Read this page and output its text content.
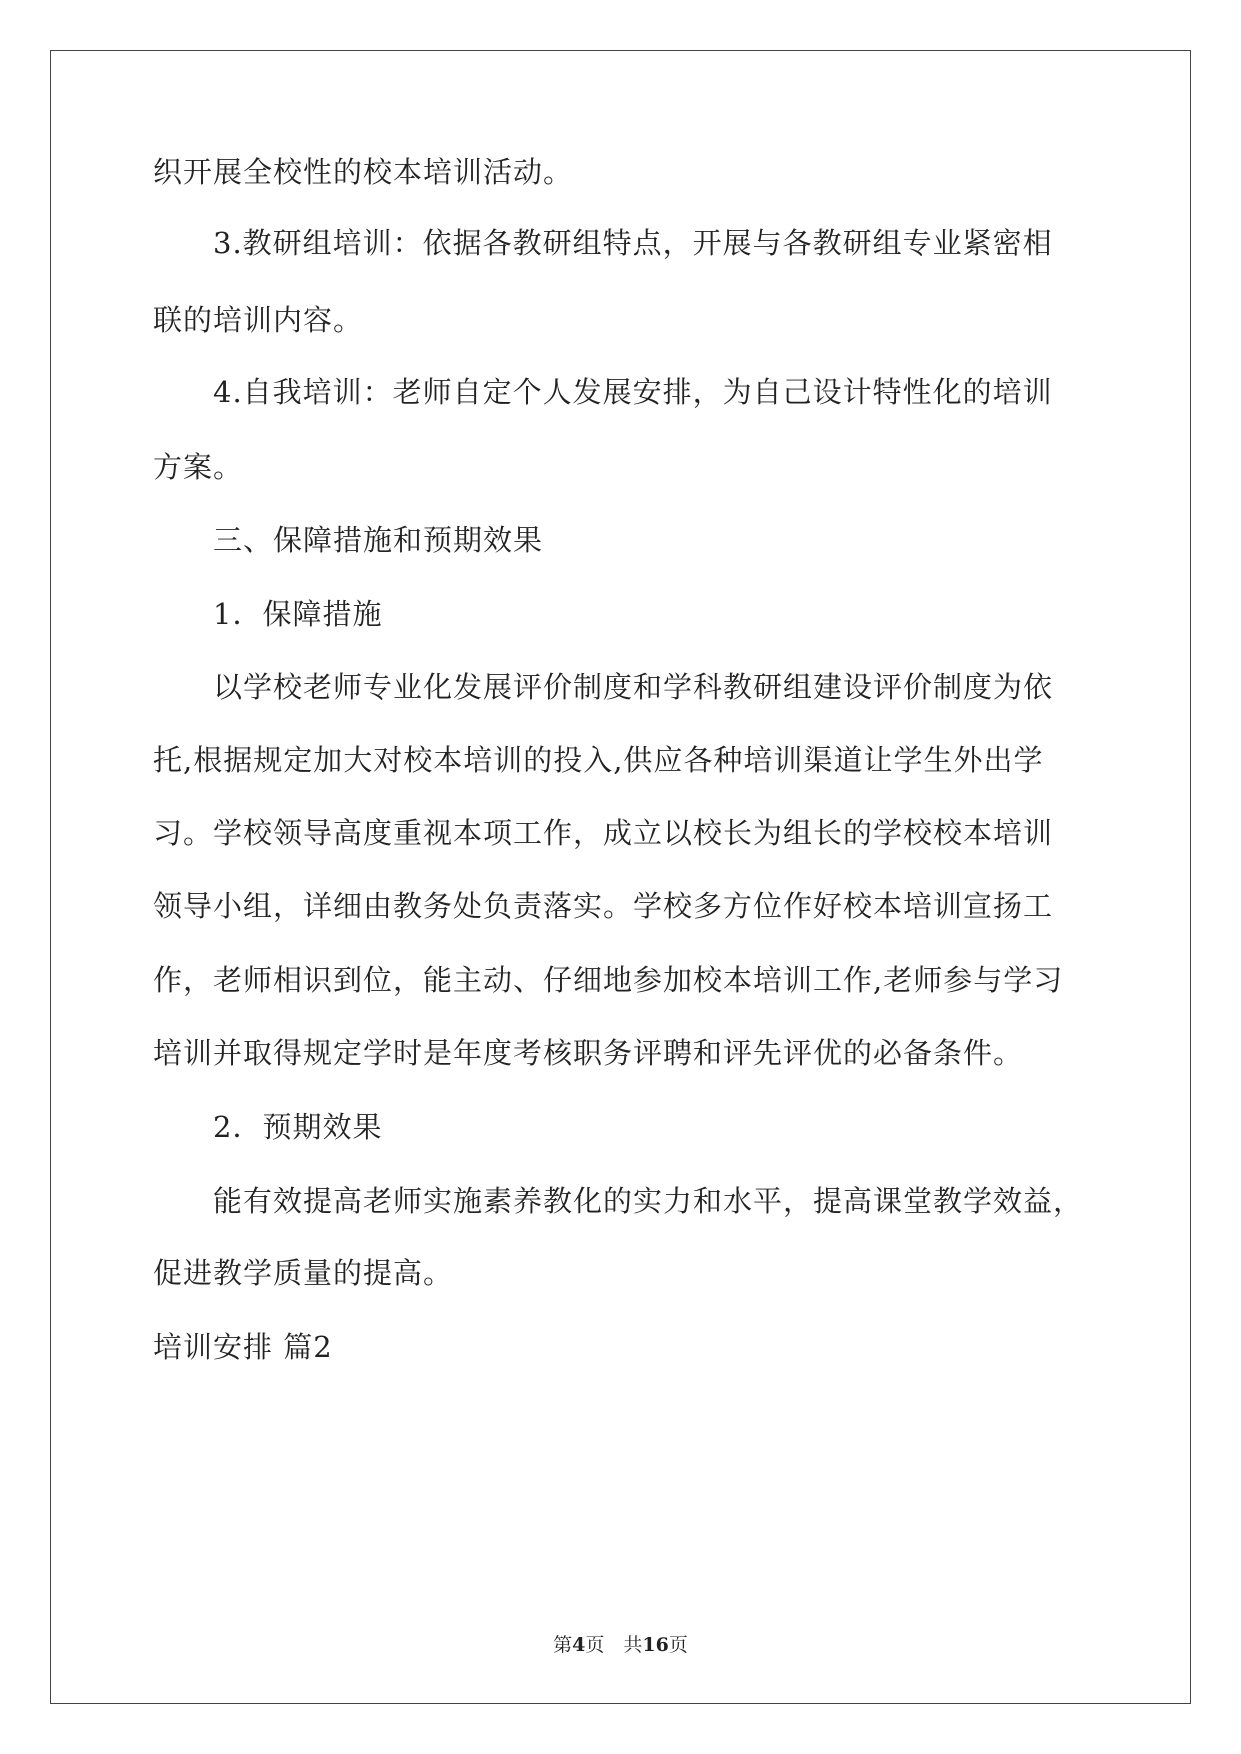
织开展全校性的校本培训活动。
3.教研组培训：依据各教研组特点，开展与各教研组专业紧密相
联的培训内容。
4.自我培训：老师自定个人发展安排，为自己设计特性化的培训
方案。
三、保障措施和预期效果
1．保障措施
以学校老师专业化发展评价制度和学科教研组建设评价制度为依
托,根据规定加大对校本培训的投入,供应各种培训渠道让学生外出学
习。学校领导高度重视本项工作，成立以校长为组长的学校校本培训
领导小组，详细由教务处负责落实。学校多方位作好校本培训宣扬工
作，老师相识到位，能主动、仔细地参加校本培训工作,老师参与学习
培训并取得规定学时是年度考核职务评聘和评先评优的必备条件。
2．预期效果
能有效提高老师实施素养教化的实力和水平，提高课堂教学效益，
促进教学质量的提高。
培训安排 篇2
第4页　共16页
